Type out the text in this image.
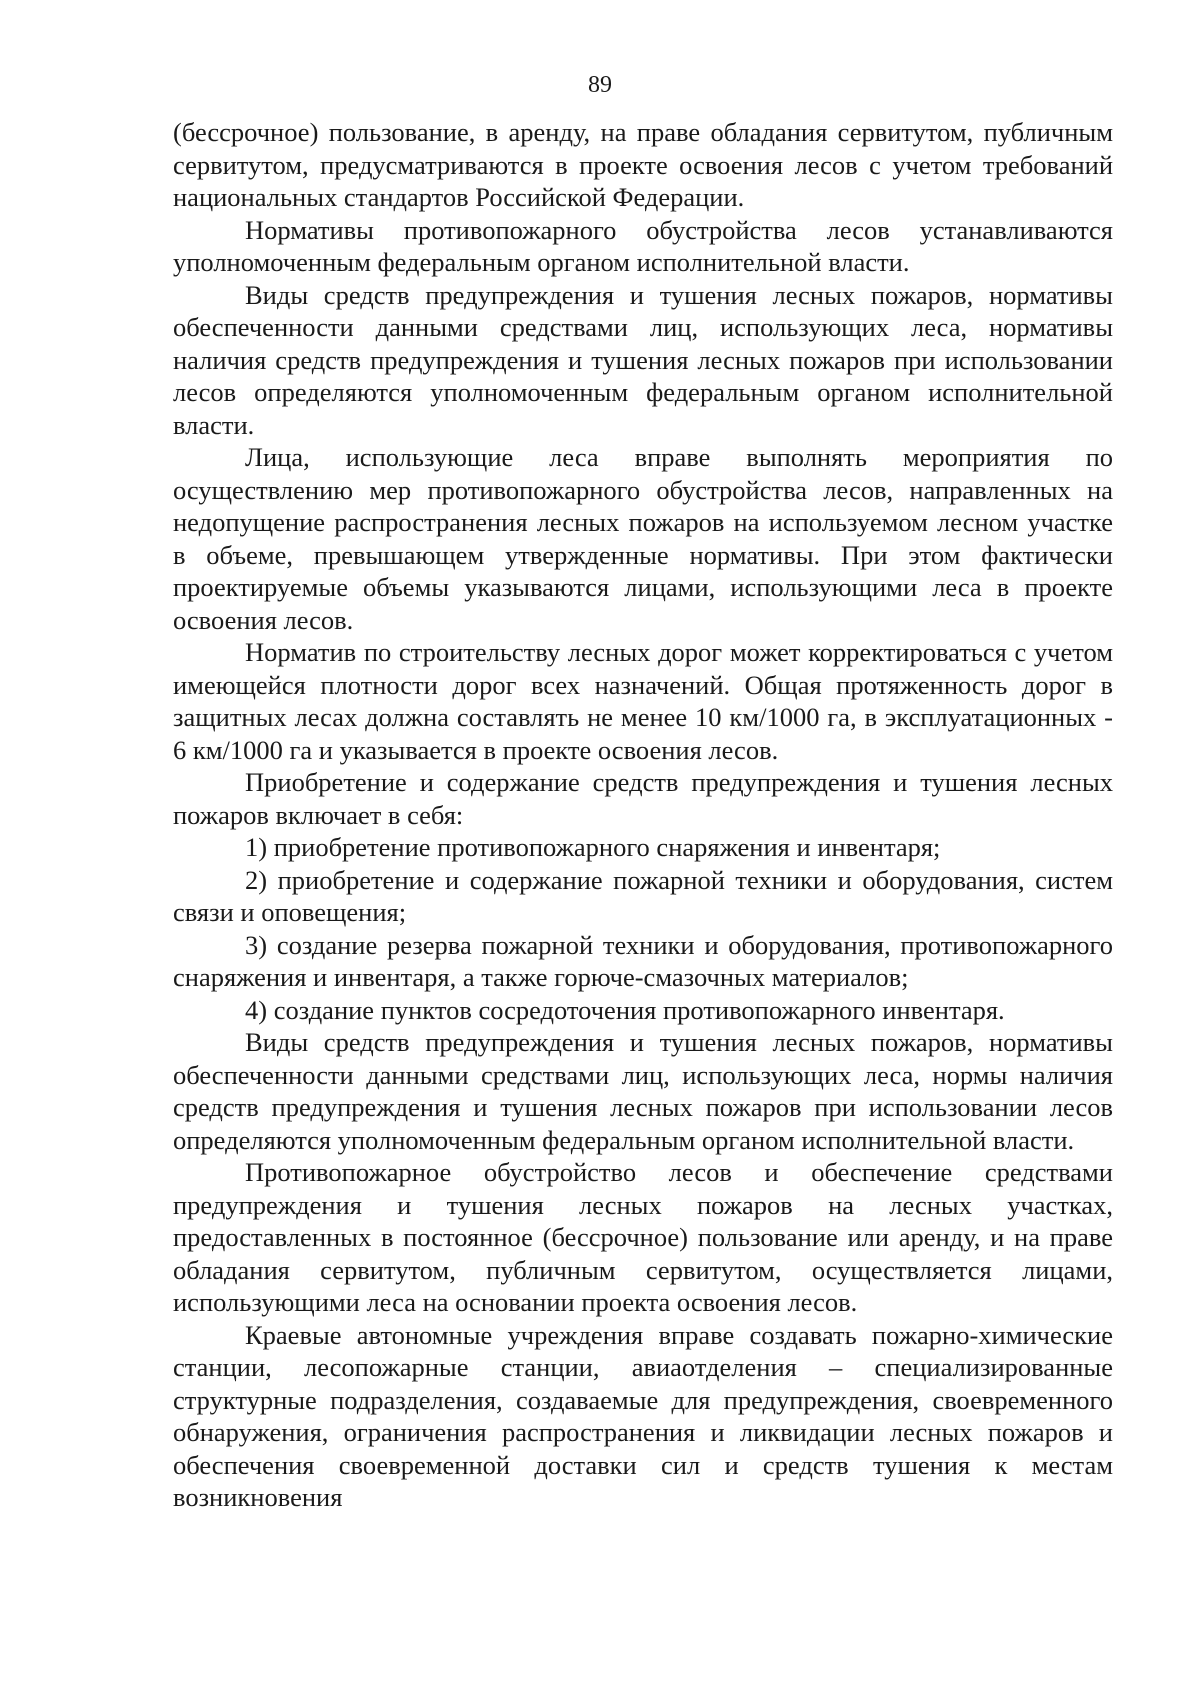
89

(бессрочное) пользование, в аренду, на праве обладания сервитутом, публичным сервитутом, предусматриваются в проекте освоения лесов с учетом требований национальных стандартов Российской Федерации.

Нормативы противопожарного обустройства лесов устанавливаются уполномоченным федеральным органом исполнительной власти.

Виды средств предупреждения и тушения лесных пожаров, нормативы обеспеченности данными средствами лиц, использующих леса, нормативы наличия средств предупреждения и тушения лесных пожаров при использовании лесов определяются уполномоченным федеральным органом исполнительной власти.

Лица, использующие леса вправе выполнять мероприятия по осуществлению мер противопожарного обустройства лесов, направленных на недопущение распространения лесных пожаров на используемом лесном участке в объеме, превышающем утвержденные нормативы. При этом фактически проектируемые объемы указываются лицами, использующими леса в проекте освоения лесов.

Норматив по строительству лесных дорог может корректироваться с учетом имеющейся плотности дорог всех назначений. Общая протяженность дорог в защитных лесах должна составлять не менее 10 км/1000 га, в эксплуатационных - 6 км/1000 га и указывается в проекте освоения лесов.

Приобретение и содержание средств предупреждения и тушения лесных пожаров включает в себя:

1) приобретение противопожарного снаряжения и инвентаря;

2) приобретение и содержание пожарной техники и оборудования, систем связи и оповещения;

3) создание резерва пожарной техники и оборудования, противопожарного снаряжения и инвентаря, а также горюче-смазочных материалов;

4) создание пунктов сосредоточения противопожарного инвентаря.

Виды средств предупреждения и тушения лесных пожаров, нормативы обеспеченности данными средствами лиц, использующих леса, нормы наличия средств предупреждения и тушения лесных пожаров при использовании лесов определяются уполномоченным федеральным органом исполнительной власти.

Противопожарное обустройство лесов и обеспечение средствами предупреждения и тушения лесных пожаров на лесных участках, предоставленных в постоянное (бессрочное) пользование или аренду, и на праве обладания сервитутом, публичным сервитутом, осуществляется лицами, использующими леса на основании проекта освоения лесов.

Краевые автономные учреждения вправе создавать пожарно-химические станции, лесопожарные станции, авиаотделения – специализированные структурные подразделения, создаваемые для предупреждения, своевременного обнаружения, ограничения распространения и ликвидации лесных пожаров и обеспечения своевременной доставки сил и средств тушения к местам возникновения
